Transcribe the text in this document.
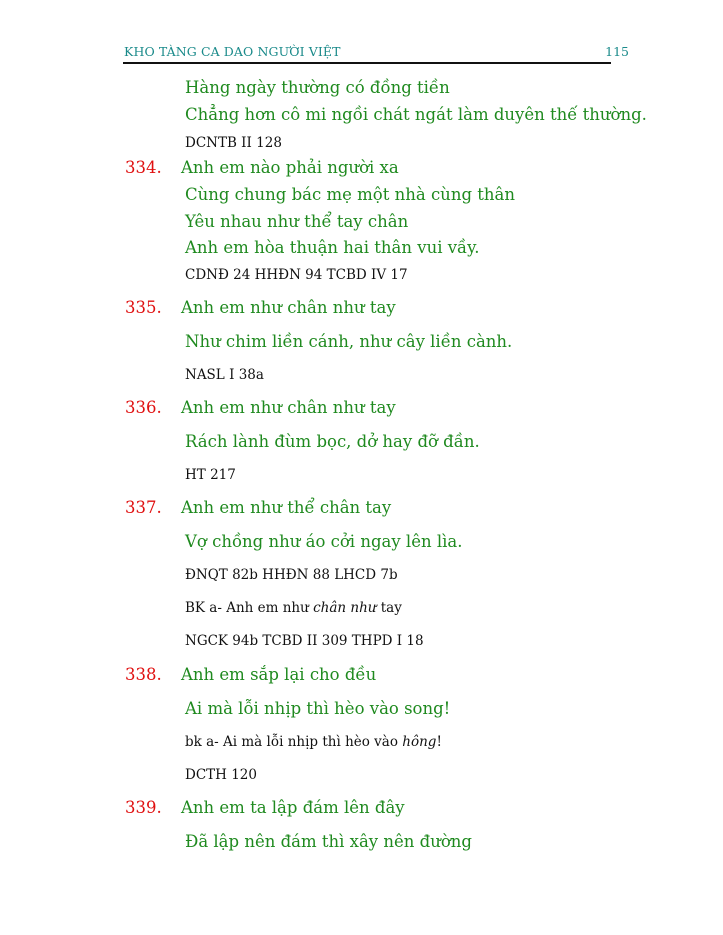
KHO TÀNG CA DAO NGƯỜI VIỆT	115
Hàng ngày thường có đồng tiền
Chẳng hơn cô mi ngồi chát ngát làm duyên thế thường.
DCNTB II 128
334. Anh em nào phải người xa
Cùng chung bác mẹ một nhà cùng thân
Yêu nhau như thể tay chân
Anh em hòa thuận hai thân vui vầy.
CDNĐ 24 HHĐN 94 TCBD IV 17
335. Anh em như chân như tay
Như chim liền cánh, như cây liền cành.
NASL I 38a
336. Anh em như chân như tay
Rách lành đùm bọc, dở hay đỡ đần.
HT 217
337. Anh em như thể chân tay
Vợ chồng như áo cởi ngay lên lìa.
ĐNQT 82b HHĐN 88 LHCD 7b
BK a- Anh em như chân như tay
NGCK 94b TCBD II 309 THPD I 18
338. Anh em sắp lại cho đều
Ai mà lỗi nhịp thì hèo vào song!
bk a- Ai mà lỗi nhịp thì hèo vào hông!
DCTH 120
339. Anh em ta lập đám lên đây
Đã lập nên đám thì xây nên đường
